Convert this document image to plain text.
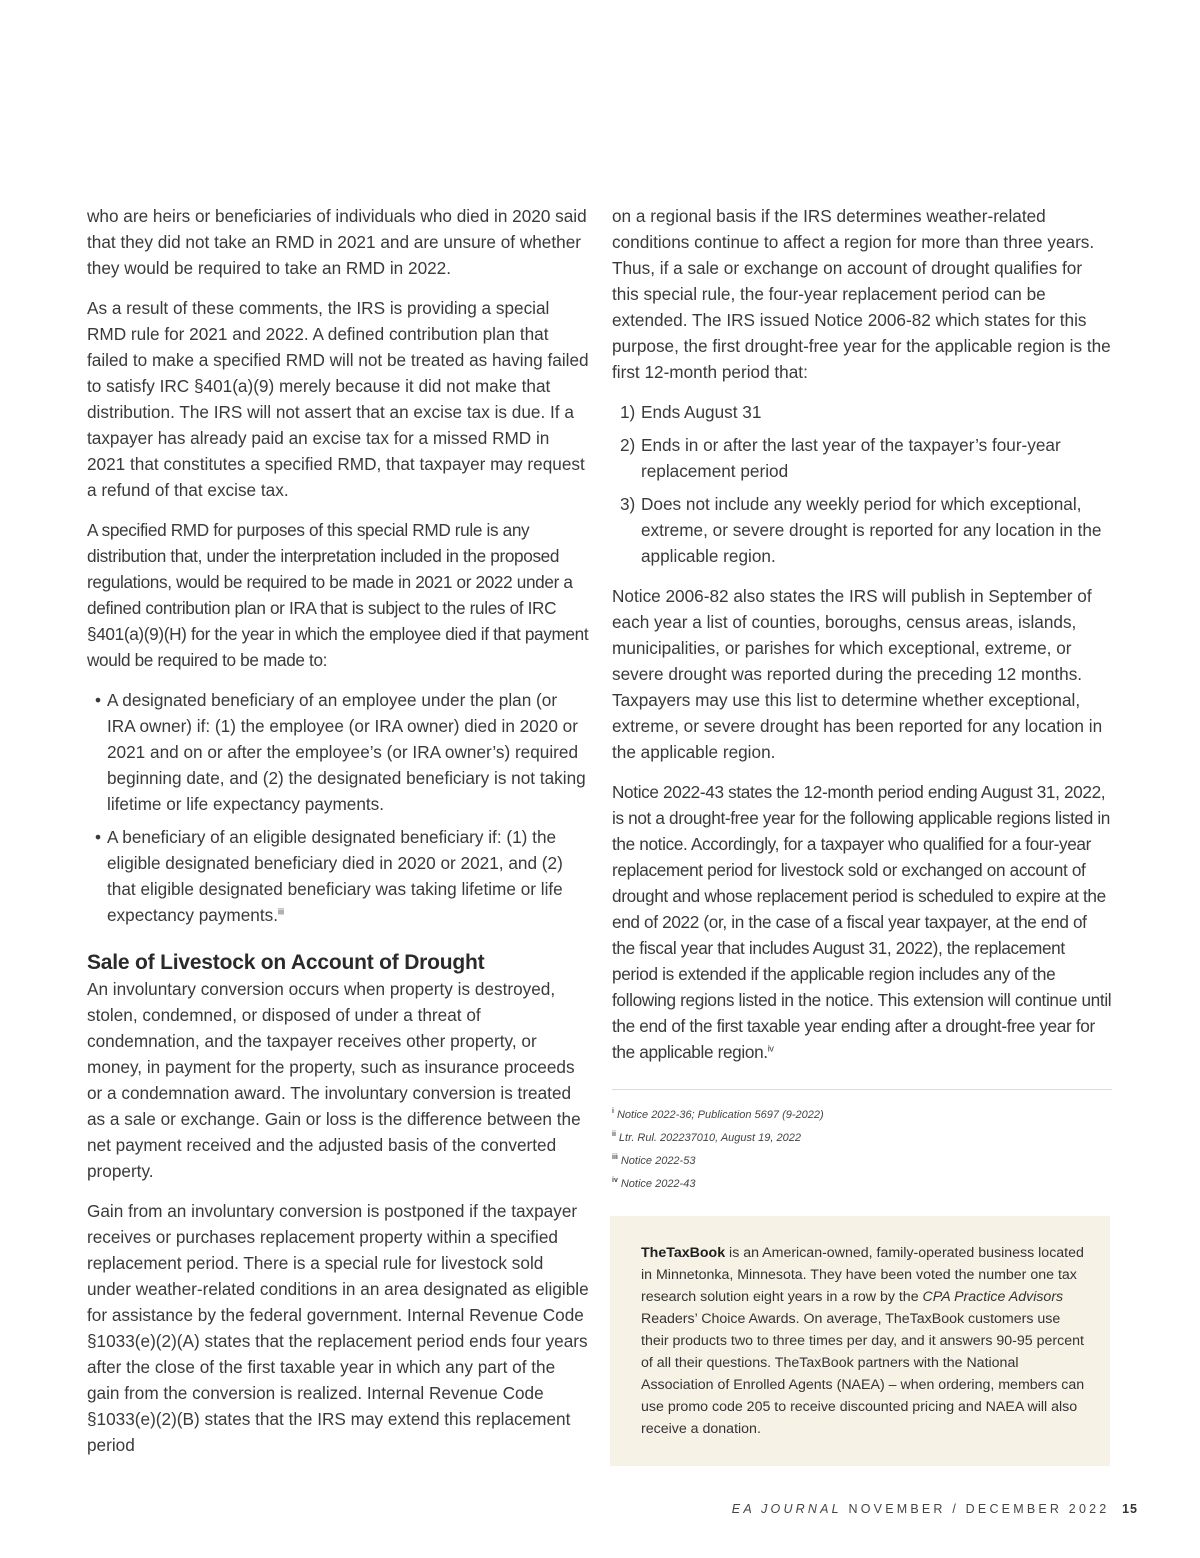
who are heirs or beneficiaries of individuals who died in 2020 said that they did not take an RMD in 2021 and are unsure of whether they would be required to take an RMD in 2022.

As a result of these comments, the IRS is providing a special RMD rule for 2021 and 2022. A defined contribution plan that failed to make a specified RMD will not be treated as having failed to satisfy IRC §401(a)(9) merely because it did not make that distribution. The IRS will not assert that an excise tax is due. If a taxpayer has already paid an excise tax for a missed RMD in 2021 that constitutes a specified RMD, that taxpayer may request a refund of that excise tax.

A specified RMD for purposes of this special RMD rule is any distribution that, under the interpretation included in the proposed regulations, would be required to be made in 2021 or 2022 under a defined contribution plan or IRA that is subject to the rules of IRC §401(a)(9)(H) for the year in which the employee died if that payment would be required to be made to:

• A designated beneficiary of an employee under the plan (or IRA owner) if: (1) the employee (or IRA owner) died in 2020 or 2021 and on or after the employee’s (or IRA owner’s) required beginning date, and (2) the designated beneficiary is not taking lifetime or life expectancy payments.
• A beneficiary of an eligible designated beneficiary if: (1) the eligible designated beneficiary died in 2020 or 2021, and (2) that eligible designated beneficiary was taking lifetime or life expectancy payments.$^{iii}$
Sale of Livestock on Account of Drought

An involuntary conversion occurs when property is destroyed, stolen, condemned, or disposed of under a threat of condemnation, and the taxpayer receives other property, or money, in payment for the property, such as insurance proceeds or a condemnation award. The involuntary conversion is treated as a sale or exchange. Gain or loss is the difference between the net payment received and the adjusted basis of the converted property.

Gain from an involuntary conversion is postponed if the taxpayer receives or purchases replacement property within a specified replacement period. There is a special rule for livestock sold under weather-related conditions in an area designated as eligible for assistance by the federal government. Internal Revenue Code §1033(e)(2)(A) states that the replacement period ends four years after the close of the first taxable year in which any part of the gain from the conversion is realized. Internal Revenue Code §1033(e)(2)(B) states that the IRS may extend this replacement period

on a regional basis if the IRS determines weather-related conditions continue to affect a region for more than three years. Thus, if a sale or exchange on account of drought qualifies for this special rule, the four-year replacement period can be extended. The IRS issued Notice 2006-82 which states for this purpose, the first drought-free year for the applicable region is the first 12-month period that:

1) Ends August 31
2) Ends in or after the last year of the taxpayer’s four-year replacement period
3) Does not include any weekly period for which exceptional, extreme, or severe drought is reported for any location in the applicable region.

Notice 2006-82 also states the IRS will publish in September of each year a list of counties, boroughs, census areas, islands, municipalities, or parishes for which exceptional, extreme, or severe drought was reported during the preceding 12 months. Taxpayers may use this list to determine whether exceptional, extreme, or severe drought has been reported for any location in the applicable region.

Notice 2022-43 states the 12-month period ending August 31, 2022, is not a drought-free year for the following applicable regions listed in the notice. Accordingly, for a taxpayer who qualified for a four-year replacement period for livestock sold or exchanged on account of drought and whose replacement period is scheduled to expire at the end of 2022 (or, in the case of a fiscal year taxpayer, at the end of the fiscal year that includes August 31, 2022), the replacement period is extended if the applicable region includes any of the following regions listed in the notice. This extension will continue until the end of the first taxable year ending after a drought-free year for the applicable region.$^{iv}$

$^i$ Notice 2022-36; Publication 5697 (9-2022)
$^{ii}$ Ltr. Rul. 202237010, August 19, 2022
$^{iii}$ Notice 2022-53
$^{iv}$ Notice 2022-43

TheTaxBook is an American-owned, family-operated business located in Minnetonka, Minnesota. They have been voted the number one tax research solution eight years in a row by the CPA Practice Advisors Readers’ Choice Awards. On average, TheTaxBook customers use their products two to three times per day, and it answers 90-95 percent of all their questions. TheTaxBook partners with the National Association of Enrolled Agents (NAEA) – when ordering, members can use promo code 205 to receive discounted pricing and NAEA will also receive a donation.

EA JOURNAL NOVEMBER / DECEMBER 2022 15
